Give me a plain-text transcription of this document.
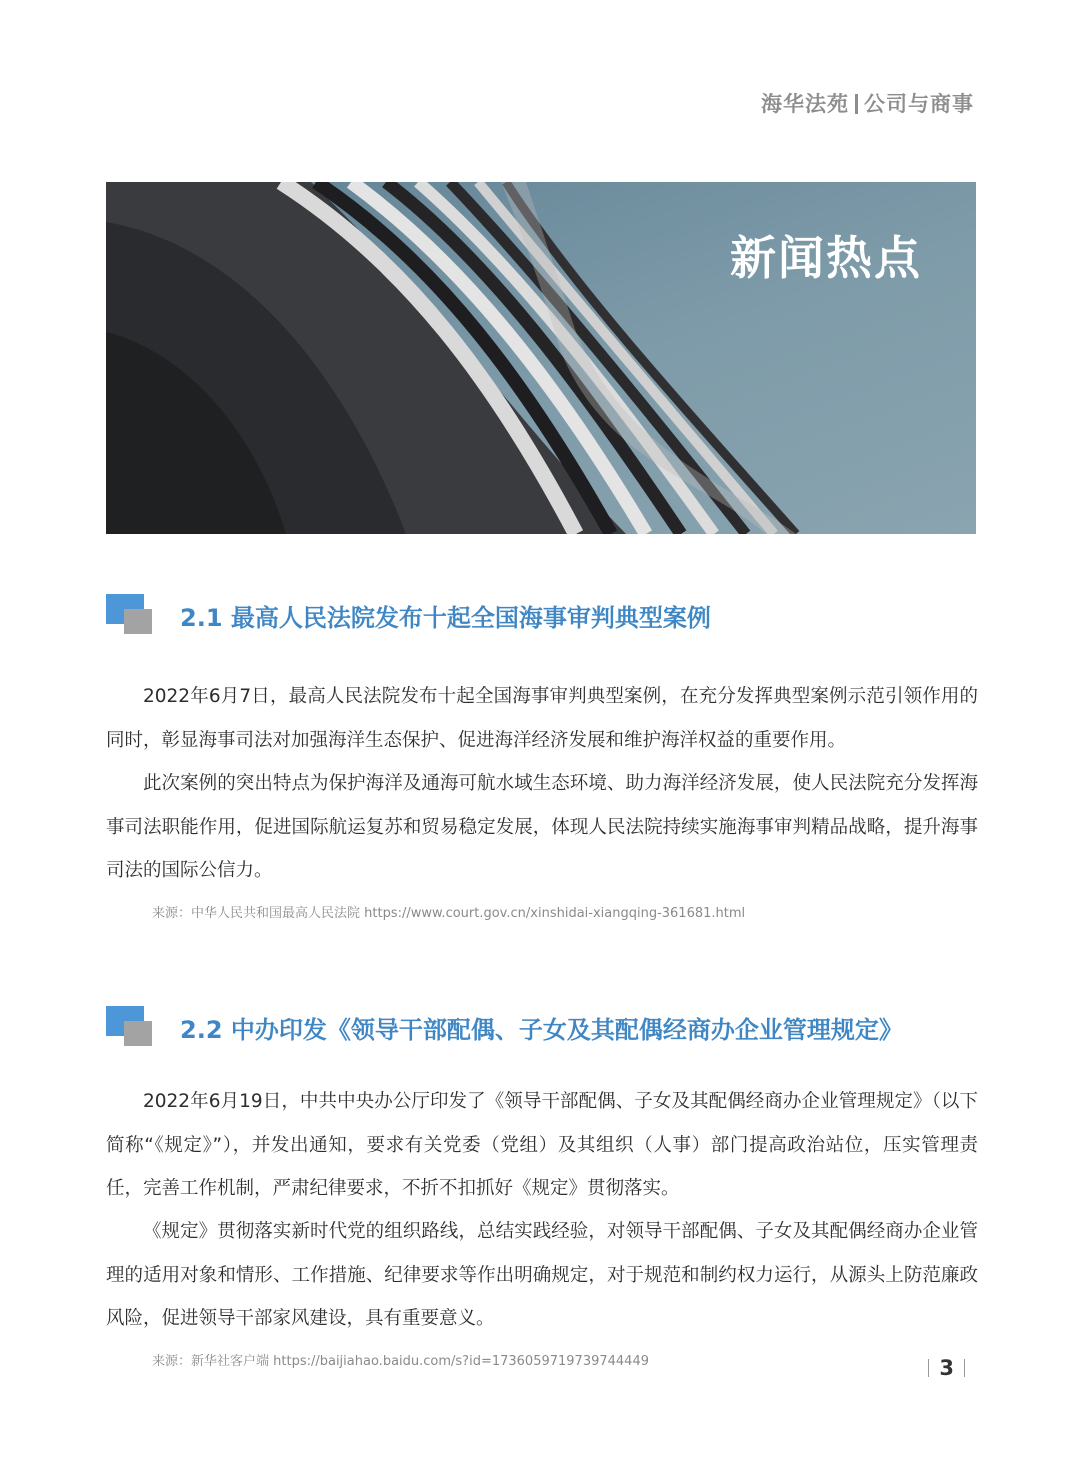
海华法苑 公司与商事
新闻热点
2.1 最高人民法院发布十起全国海事审判典型案例

2022年6月7日，最高人民法院发布十起全国海事审判典型案例，在充分发挥典型案例示范引领作用的同时，彰显海事司法对加强海洋生态保护、促进海洋经济发展和维护海洋权益的重要作用。

此次案例的突出特点为保护海洋及通海可航水域生态环境、助力海洋经济发展，使人民法院充分发挥海事司法职能作用，促进国际航运复苏和贸易稳定发展，体现人民法院持续实施海事审判精品战略，提升海事司法的国际公信力。

来源：中华人民共和国最高人民法院 https://www.court.gov.cn/xinshidai-xiangqing-361681.html
2.2 中办印发《领导干部配偶、子女及其配偶经商办企业管理规定》

2022年6月19日，中共中央办公厅印发了《领导干部配偶、子女及其配偶经商办企业管理规定》（以下简称“《规定》”），并发出通知，要求有关党委（党组）及其组织（人事）部门提高政治站位，压实管理责任，完善工作机制，严肃纪律要求，不折不扣抓好《规定》贯彻落实。

《规定》贯彻落实新时代党的组织路线，总结实践经验，对领导干部配偶、子女及其配偶经商办企业管理的适用对象和情形、工作措施、纪律要求等作出明确规定，对于规范和制约权力运行，从源头上防范廉政风险，促进领导干部家风建设，具有重要意义。

来源：新华社客户端 https://baijiahao.baidu.com/s?id=1736059719739744449	3
